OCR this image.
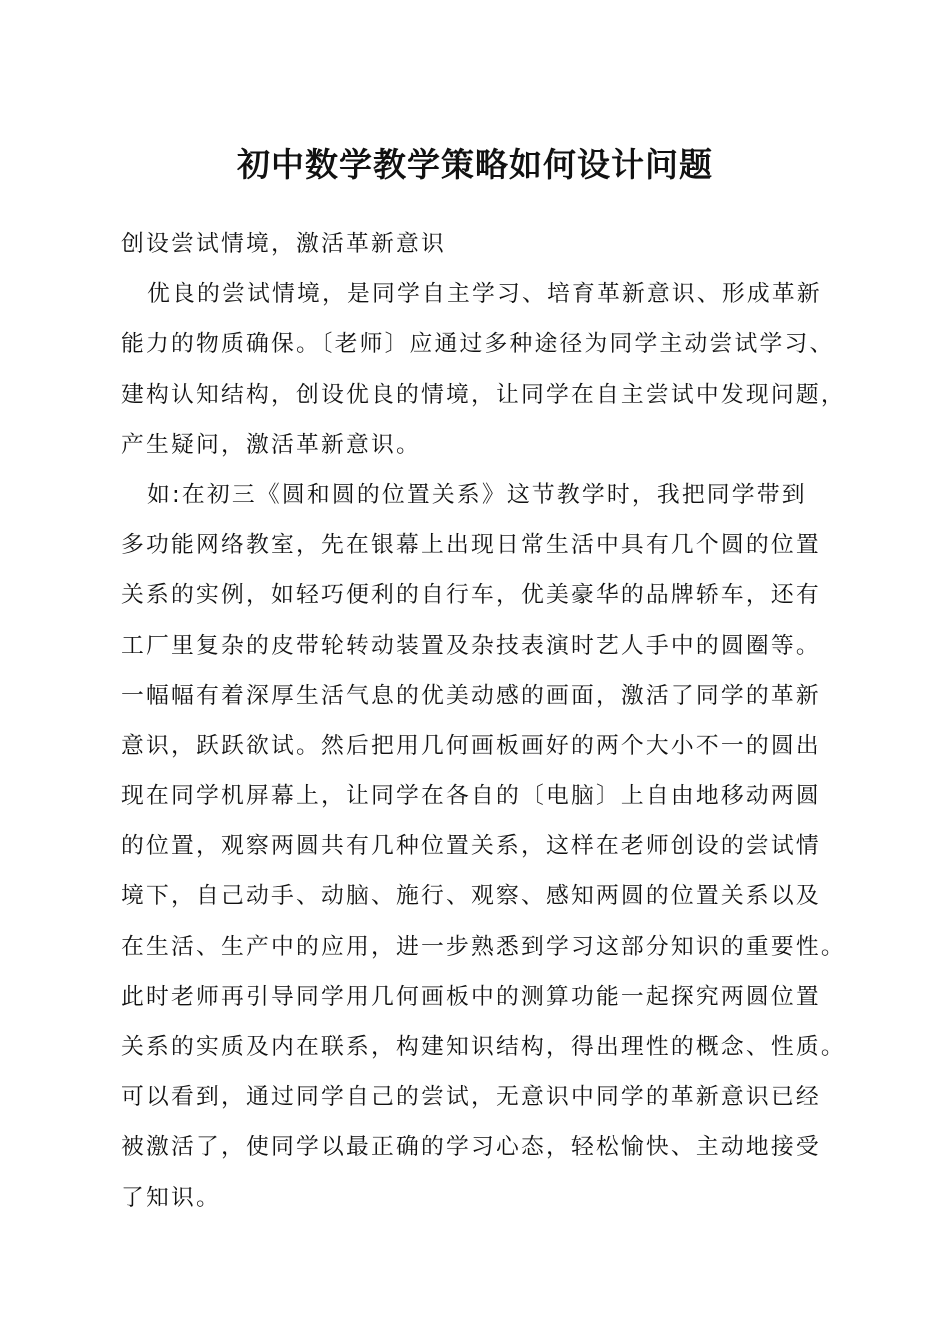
初中数学教学策略如何设计问题
创设尝试情境，激活革新意识
优良的尝试情境，是同学自主学习、培育革新意识、形成革新
能力的物质确保。〔老师〕应通过多种途径为同学主动尝试学习、
建构认知结构，创设优良的情境，让同学在自主尝试中发现问题，
产生疑问，激活革新意识。
如:在初三《圆和圆的位置关系》这节教学时，我把同学带到
多功能网络教室，先在银幕上出现日常生活中具有几个圆的位置
关系的实例，如轻巧便利的自行车，优美豪华的品牌轿车，还有
工厂里复杂的皮带轮转动装置及杂技表演时艺人手中的圆圈等。
一幅幅有着深厚生活气息的优美动感的画面，激活了同学的革新
意识，跃跃欲试。然后把用几何画板画好的两个大小不一的圆出
现在同学机屏幕上，让同学在各自的〔电脑〕上自由地移动两圆
的位置，观察两圆共有几种位置关系，这样在老师创设的尝试情
境下，自己动手、动脑、施行、观察、感知两圆的位置关系以及
在生活、生产中的应用，进一步熟悉到学习这部分知识的重要性。
此时老师再引导同学用几何画板中的测算功能一起探究两圆位置
关系的实质及内在联系，构建知识结构，得出理性的概念、性质。
可以看到，通过同学自己的尝试，无意识中同学的革新意识已经
被激活了，使同学以最正确的学习心态，轻松愉快、主动地接受
了知识。
